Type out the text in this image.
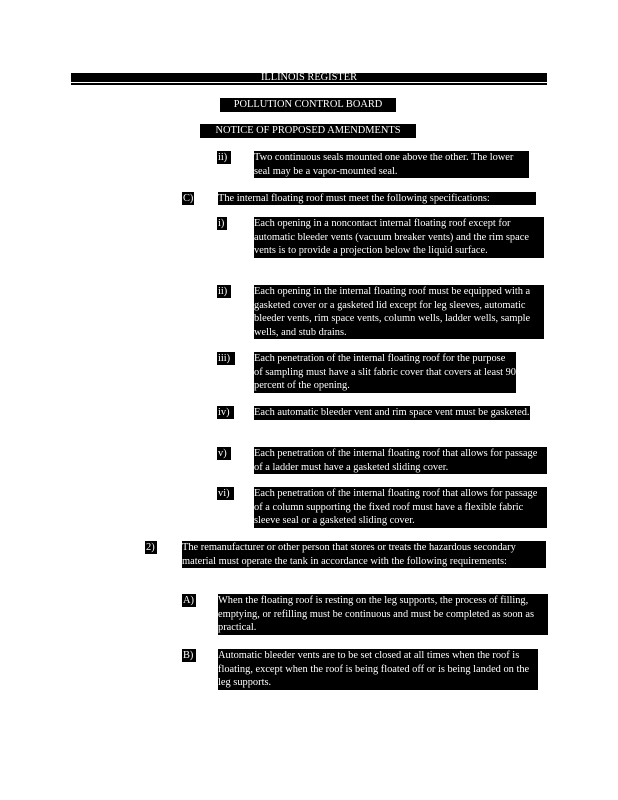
ILLINOIS REGISTER
POLLUTION CONTROL BOARD
NOTICE OF PROPOSED AMENDMENTS
ii)	Two continuous seals mounted one above the other. The lower seal may be a vapor-mounted seal.
C) The internal floating roof must meet the following specifications:
i)	Each opening in a noncontact internal floating roof except for automatic bleeder vents (vacuum breaker vents) and the rim space vents is to provide a projection below the liquid surface.
ii)	Each opening in the internal floating roof must be equipped with a gasketed cover or a gasketed lid except for leg sleeves, automatic bleeder vents, rim space vents, column wells, ladder wells, sample wells, and stub drains.
iii)	Each penetration of the internal floating roof for the purpose of sampling must have a slit fabric cover that covers at least 90 percent of the opening.
iv)	Each automatic bleeder vent and rim space vent must be gasketed.
v)	Each penetration of the internal floating roof that allows for passage of a ladder must have a gasketed sliding cover.
vi)	Each penetration of the internal floating roof that allows for passage of a column supporting the fixed roof must have a flexible fabric sleeve seal or a gasketed sliding cover.
2)	The remanufacturer or other person that stores or treats the hazardous secondary material must operate the tank in accordance with the following requirements:
A) When the floating roof is resting on the leg supports, the process of filling, emptying, or refilling must be continuous and must be completed as soon as practical.
B) Automatic bleeder vents are to be set closed at all times when the roof is floating, except when the roof is being floated off or is being landed on the leg supports.
